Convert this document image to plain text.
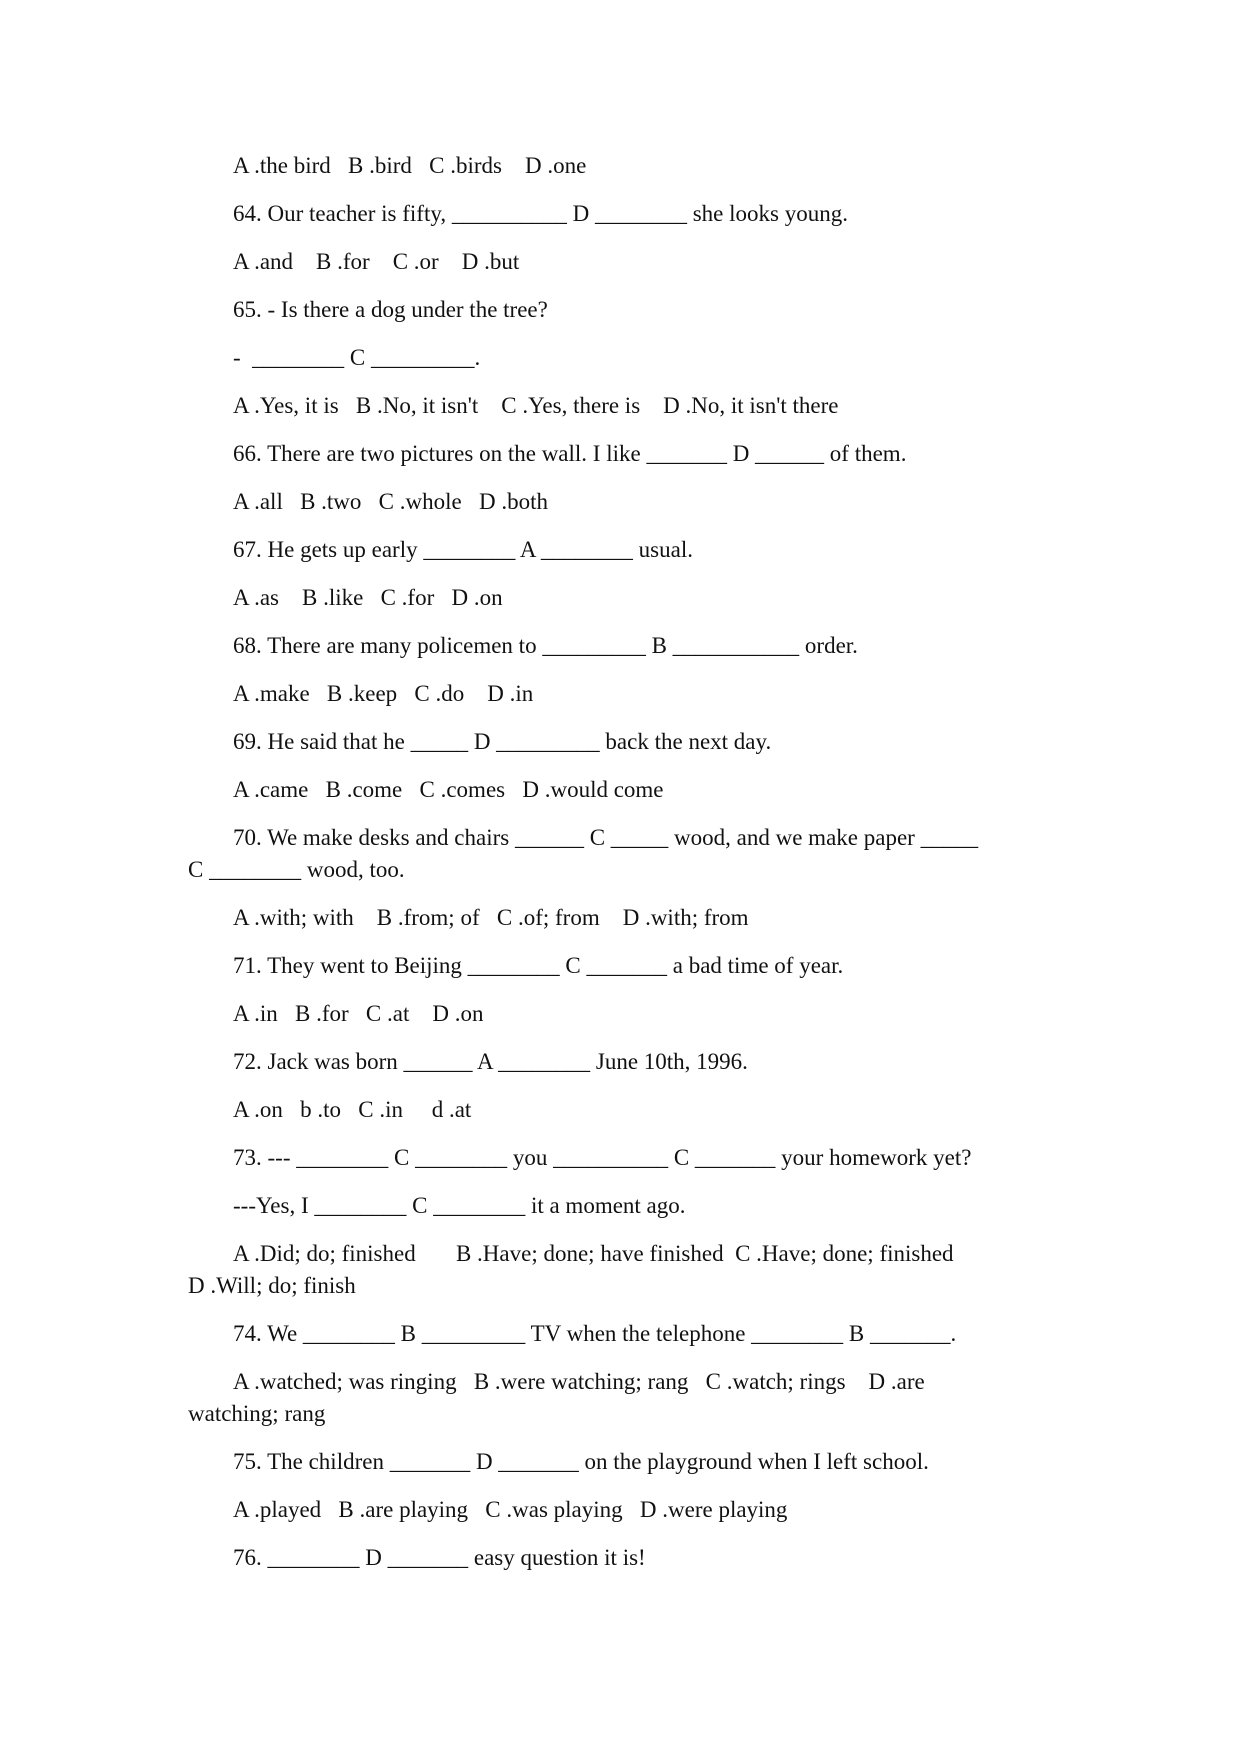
A .the bird   B .bird   C .birds    D .one
64. Our teacher is fifty, __________ D ________ she looks young.
A .and    B .for    C .or    D .but
65. - Is there a dog under the tree?
-  ________ C _________.
A .Yes, it is   B .No, it isn't    C .Yes, there is    D .No, it isn't there
66. There are two pictures on the wall. I like _______ D ______ of them.
A .all   B .two   C .whole   D .both
67. He gets up early ________ A ________ usual.
A .as    B .like   C .for   D .on
68. There are many policemen to _________ B ___________ order.
A .make   B .keep   C .do    D .in
69. He said that he _____ D _________ back the next day.
A .came   B .come   C .comes   D .would come
70. We make desks and chairs ______ C _____ wood, and we make paper _____
C ________ wood, too.
A .with; with    B .from; of   C .of; from    D .with; from
71. They went to Beijing ________ C _______ a bad time of year.
A .in   B .for   C .at    D .on
72. Jack was born ______ A ________ June 10th, 1996.
A .on   b .to   C .in     d .at
73. --- ________ C ________ you __________ C _______ your homework yet?
---Yes, I ________ C ________ it a moment ago.
A .Did; do; finished       B .Have; done; have finished  C .Have; done; finished
D .Will; do; finish
74. We ________ B _________ TV when the telephone ________ B _______.
A .watched; was ringing   B .were watching; rang   C .watch; rings    D .are
watching; rang
75. The children _______ D _______ on the playground when I left school.
A .played   B .are playing   C .was playing   D .were playing
76. ________ D _______ easy question it is!
